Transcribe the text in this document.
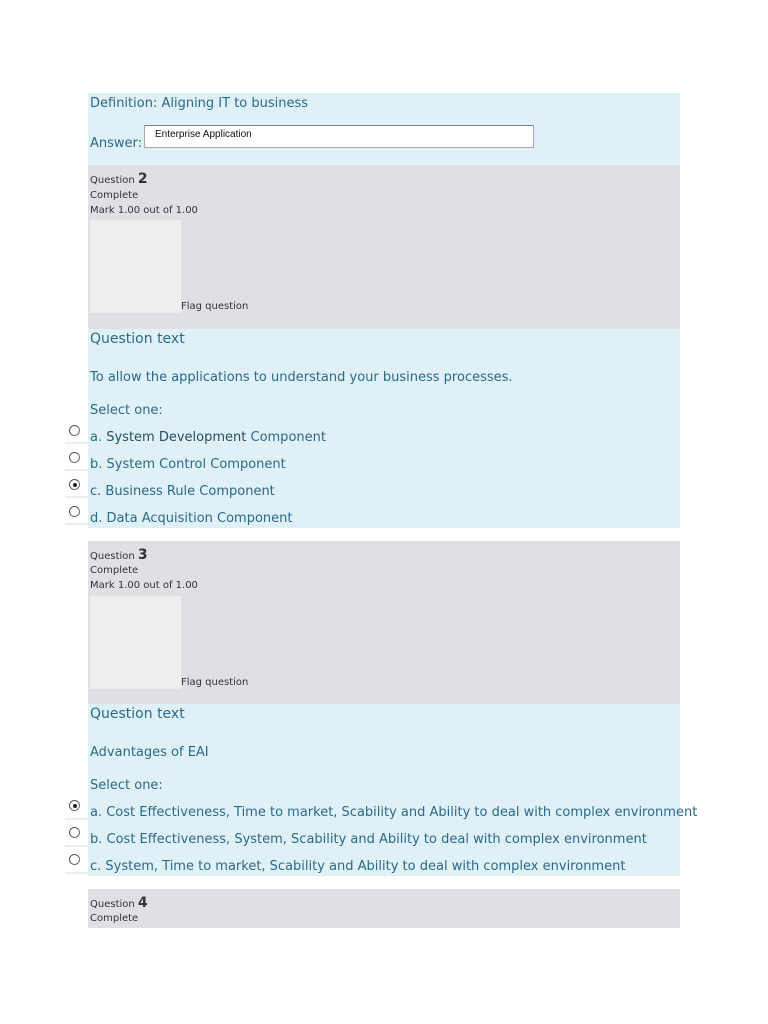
Definition: Aligning IT to business
Answer:
Enterprise Application
Question 2
Complete
Mark 1.00 out of 1.00
Flag question
Question text
To allow the applications to understand your business processes.
Select one:
a. System Development Component
b. System Control Component
c. Business Rule Component
d. Data Acquisition Component
Question 3
Complete
Mark 1.00 out of 1.00
Flag question
Question text
Advantages of EAI
Select one:
a. Cost Effectiveness, Time to market, Scability and Ability to deal with complex environment
b. Cost Effectiveness, System, Scability and Ability to deal with complex environment
c. System, Time to market, Scability and Ability to deal with complex environment
Question 4
Complete
